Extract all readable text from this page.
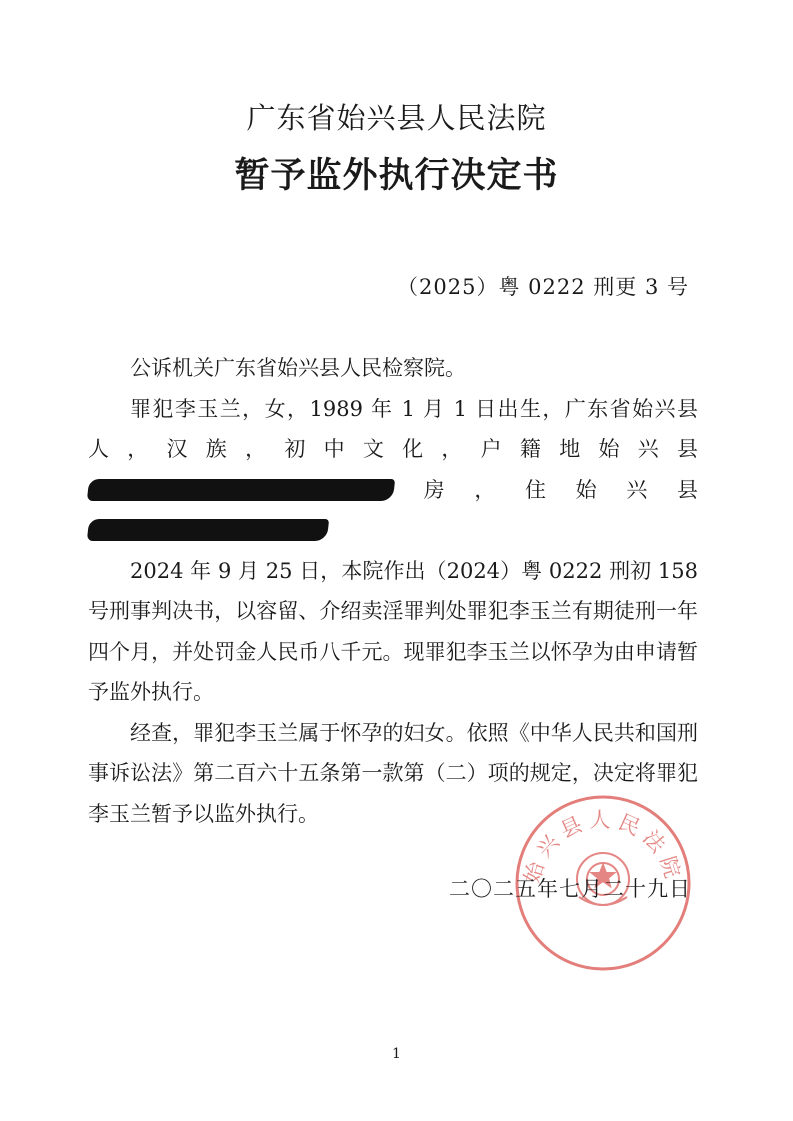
广东省始兴县人民法院
暂予监外执行决定书
（2025）粤 0222 刑更 3 号

公诉机关广东省始兴县人民检察院。

罪犯李玉兰，女，1989 年 1 月 1 日出生，广东省始兴县人，汉族，初中文化，户籍地始兴县房，住始兴县

2024 年 9 月 25 日，本院作出（2024）粤 0222 刑初 158 号刑事判决书，以容留、介绍卖淫罪判处罪犯李玉兰有期徒刑一年四个月，并处罚金人民币八千元。现罪犯李玉兰以怀孕为由申请暂予监外执行。

经查，罪犯李玉兰属于怀孕的妇女。依照《中华人民共和国刑事诉讼法》第二百六十五条第一款第（二）项的规定，决定将罪犯李玉兰暂予以监外执行。

始兴县人民法院
二〇二五年七月二十九日
1
